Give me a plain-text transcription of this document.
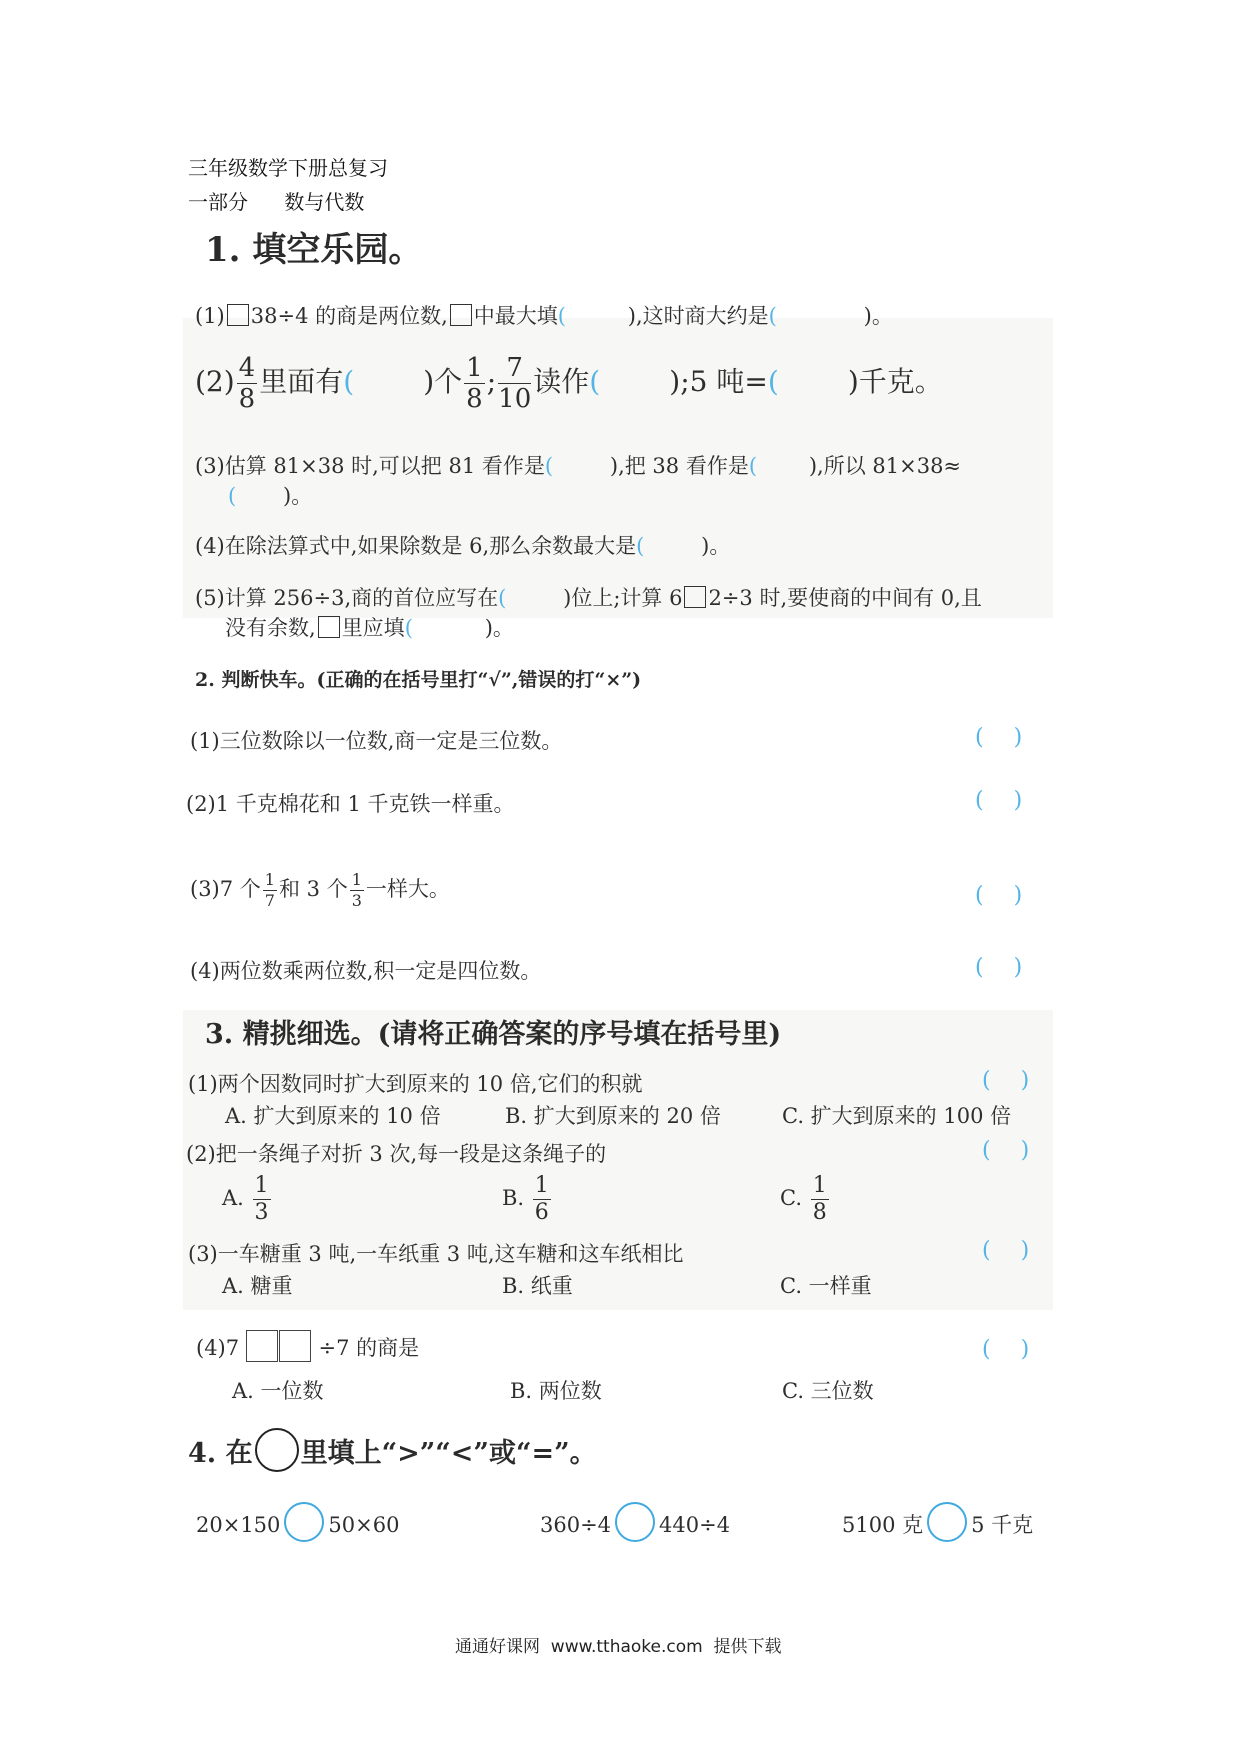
三年级数学下册总复习
一部分 数与代数
1. 填空乐园。
(1) 38÷4 的商是两位数, 中最大填(	),这时商大约是(	)。
$(2) \frac{4}{8}$ 里面有( )个 $\frac{1}{8}$ ; $\frac{7}{10}$ 读作( );5 吨=( )千克。
(3)估算 81×38 时,可以把 81 看作是(	),把 38 看作是( ),所以 81×38≈
( )。
(4)在除法算式中,如果除数是 6,那么余数最大是(	)。
(5)计算 256÷3,商的首位应写在(	)位上;计算 6 2÷3 时,要使商的中间有 0,且
没有余数, 里应填(	)。
2. 判断快车。(正确的在括号里打“√”,错误的打“×”)
(1)三位数除以一位数,商一定是三位数。	( )
(2)1 千克棉花和 1 千克铁一样重。	( )
(3)7 个 $\frac{1}{7}$ 和 3 个 $\frac{1}{3}$ 一样大。	( )
(4)两位数乘两位数,积一定是四位数。	( )
3. 精挑细选。(请将正确答案的序号填在括号里)
(1)两个因数同时扩大到原来的 10 倍,它们的积就	( )
A. 扩大到原来的 10 倍	B. 扩大到原来的 20 倍	C. 扩大到原来的 100 倍
(2)把一条绳子对折 3 次,每一段是这条绳子的	( )
A. $\frac{1}{3}$	B. $\frac{1}{6}$	C. $\frac{1}{8}$
(3)一车糖重 3 吨,一车纸重 3 吨,这车糖和这车纸相比	( )
A. 糖重	B. 纸重	C. 一样重
(4)7	÷7 的商是	( )
A. 一位数	B. 两位数	C. 三位数
4. 在 里填上“>”“<”或“=”。
20×150 50×60	360÷4 440÷4	5100 克 5 千克
通通好课网  www.tthaoke.com  提供下载
